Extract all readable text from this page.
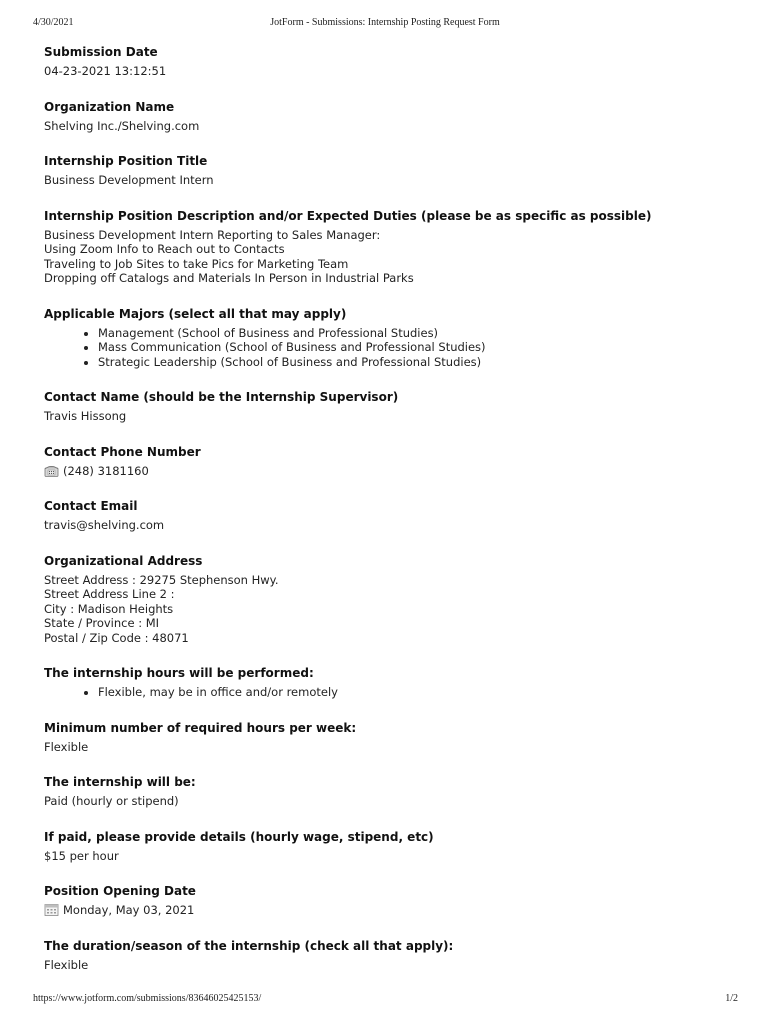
4/30/2021	JotForm - Submissions: Internship Posting Request Form
Submission Date
04-23-2021 13:12:51
Organization Name
Shelving Inc./Shelving.com
Internship Position Title
Business Development Intern
Internship Position Description and/or Expected Duties (please be as specific as possible)
Business Development Intern Reporting to Sales Manager:
Using Zoom Info to Reach out to Contacts
Traveling to Job Sites to take Pics for Marketing Team
Dropping off Catalogs and Materials In Person in Industrial Parks
Applicable Majors (select all that may apply)
• Management (School of Business and Professional Studies)
• Mass Communication (School of Business and Professional Studies)
• Strategic Leadership (School of Business and Professional Studies)
Contact Name (should be the Internship Supervisor)
Travis Hissong
Contact Phone Number
(248) 3181160
Contact Email
travis@shelving.com
Organizational Address
Street Address : 29275 Stephenson Hwy.
Street Address Line 2 :
City : Madison Heights
State / Province : MI
Postal / Zip Code : 48071
The internship hours will be performed:
• Flexible, may be in office and/or remotely
Minimum number of required hours per week:
Flexible
The internship will be:
Paid (hourly or stipend)
If paid, please provide details (hourly wage, stipend, etc)
$15 per hour
Position Opening Date
Monday, May 03, 2021
The duration/season of the internship (check all that apply):
Flexible
https://www.jotform.com/submissions/83646025425153/	1/2
